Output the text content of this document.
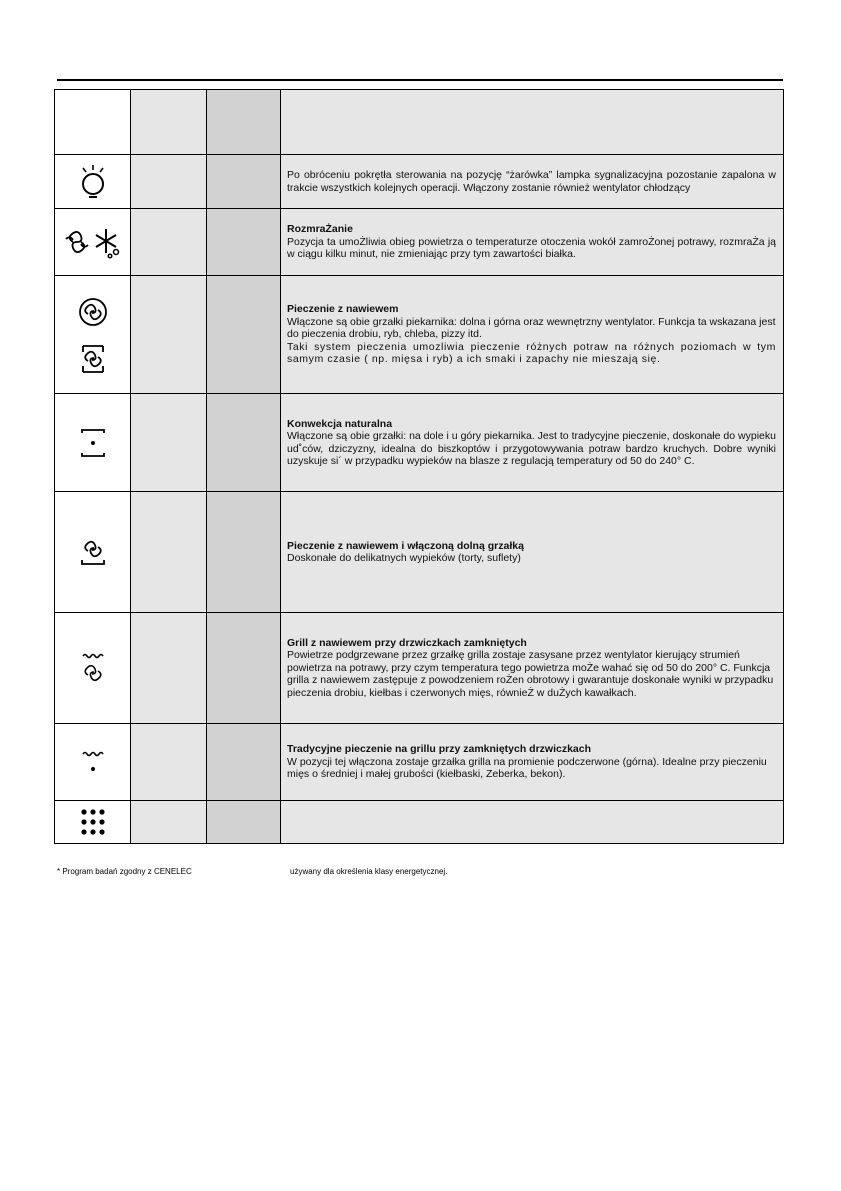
Po obróceniu pokrętła sterowania na pozycję “żarówka” lampka sygnalizacyjna pozostanie zapalona w trakcie wszystkich kolejnych operacji. Włączony zostanie również wentylator chłodzący

RozmraŻanie
Pozycja ta umoŻliwia obieg powietrza o temperaturze otoczenia wokół zamroŻonej potrawy, rozmraŻa ją w ciągu kilku minut, nie zmieniając przy tym zawartości białka.

Pieczenie z nawiewem
Włączone są obie grzałki piekarnika: dolna i górna oraz wewnętrzny wentylator. Funkcja ta wskazana jest do pieczenia drobiu, ryb, chleba, pizzy itd.
Taki system pieczenia umozliwia pieczenie różnych potraw na różnych poziomach w tym samym czasie ( np. mięsa i ryb) a ich smaki i zapachy nie mieszają się.

Konwekcja naturalna
Włączone są obie grzałki: na dole i u góry piekarnika. Jest to tradycyjne pieczenie, doskonałe do wypieku ud˚ców, dziczyzny, idealna do biszkoptów i przygotowywania potraw bardzo kruchych. Dobre wyniki uzyskuje si´ w przypadku wypieków na blasze z regulacją temperatury od 50 do 240° C.

Pieczenie z nawiewem i włączoną dolną grzałką
Doskonałe do delikatnych wypieków (torty, suflety)

Grill z nawiewem przy drzwiczkach zamkniętych
Powietrze podgrzewane przez grzałkę grilla zostaje zasysane przez wentylator kierujący strumień powietrza na potrawy, przy czym temperatura tego powietrza moŻe wahać się od 50 do 200° C. Funkcja grilla z nawiewem zastępuje z powodzeniem roŻen obrotowy i gwarantuje doskonałe wyniki w przypadku pieczenia drobiu, kiełbas i czerwonych mięs, równieŻ w duŻych kawałkach.

Tradycyjne pieczenie na grillu przy zamkniętych drzwiczkach
W pozycji tej włączona zostaje grzałka grilla na promienie podczerwone (górna). Idealne przy pieczeniu mięs o średniej i małej grubości (kiełbaski, Zeberka, bekon).

* Program badań zgodny z CENELEC	używany dla określenia klasy energetycznej.
